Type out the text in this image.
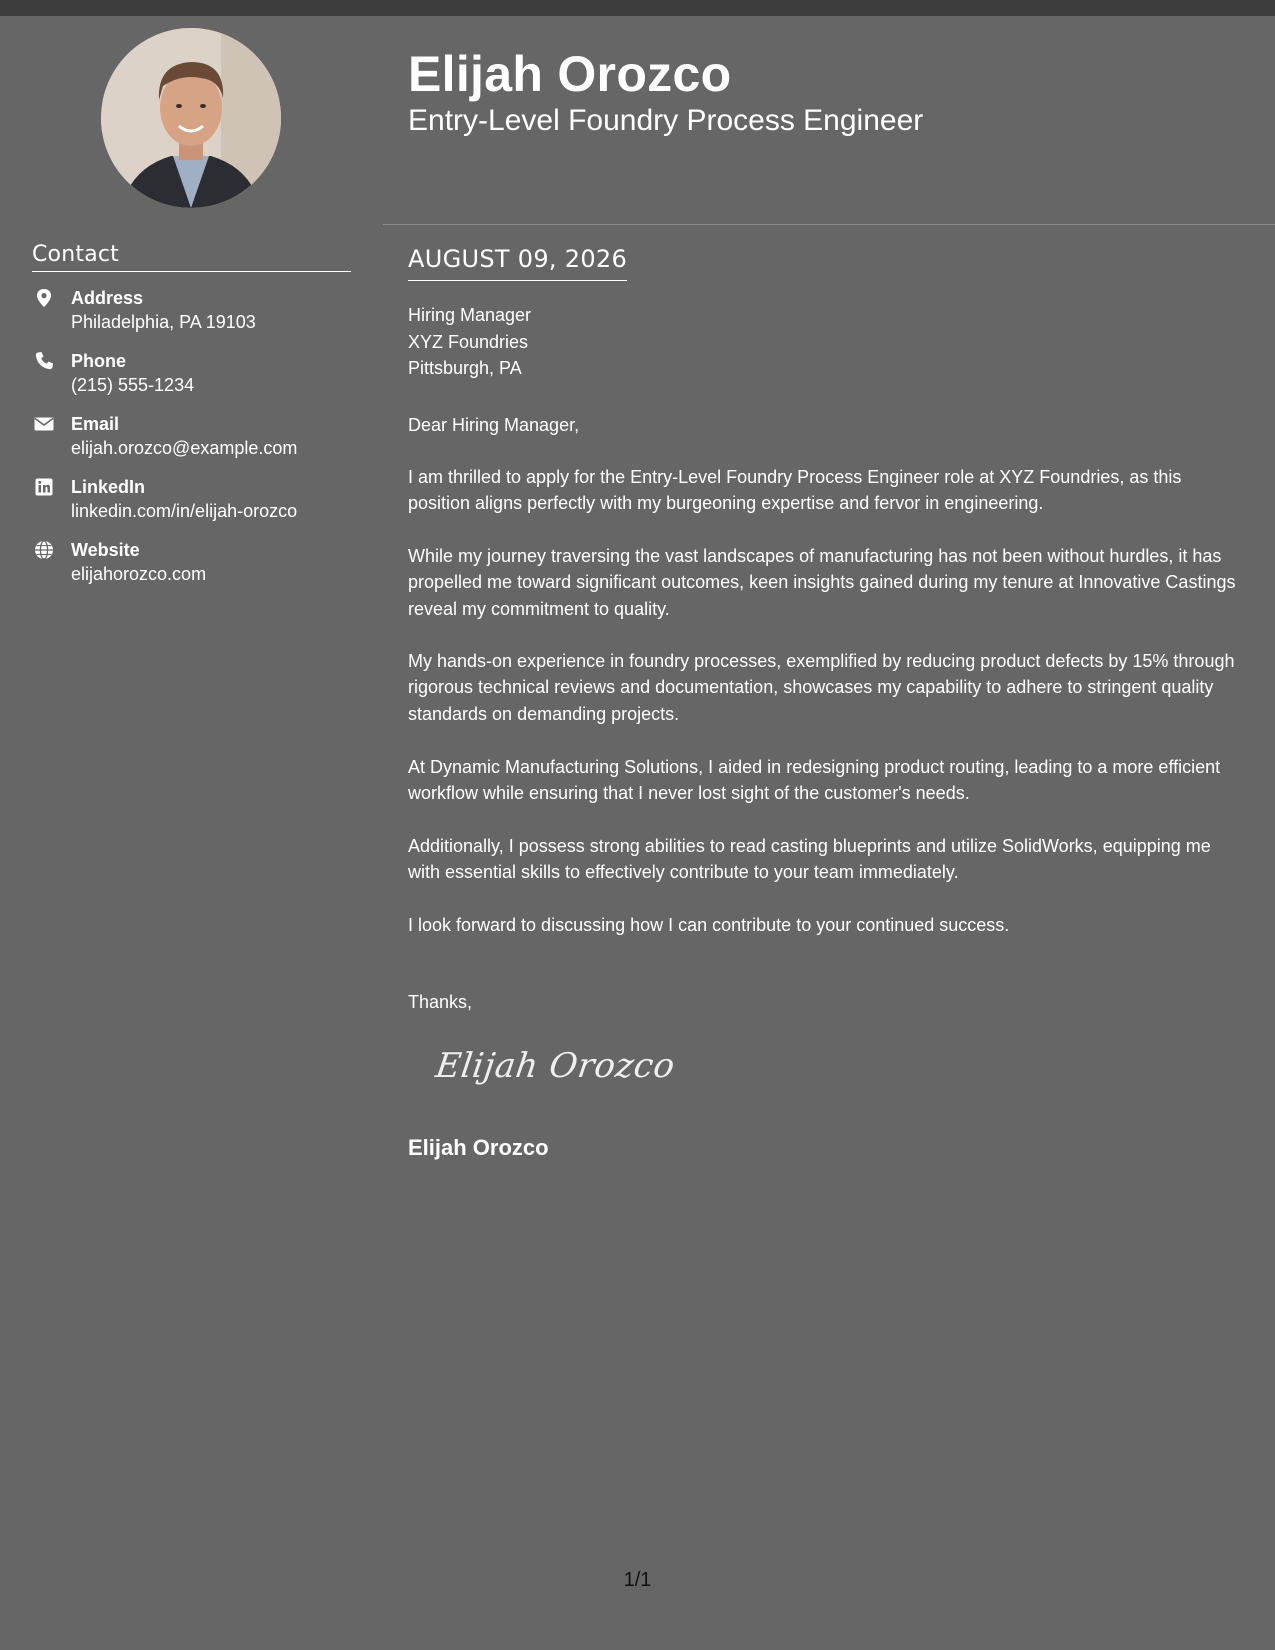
Contact
Address
Philadelphia, PA 19103
Phone
(215) 555-1234
Email
elijah.orozco@example.com
LinkedIn
linkedin.com/in/elijah-orozco
Website
elijahorozco.com
Elijah Orozco
Entry-Level Foundry Process Engineer
AUGUST 09, 2026
Hiring Manager
XYZ Foundries
Pittsburgh, PA

Dear Hiring Manager,

I am thrilled to apply for the Entry-Level Foundry Process Engineer role at XYZ Foundries, as this position aligns perfectly with my burgeoning expertise and fervor in engineering.

While my journey traversing the vast landscapes of manufacturing has not been without hurdles, it has propelled me toward significant outcomes, keen insights gained during my tenure at Innovative Castings reveal my commitment to quality.

My hands-on experience in foundry processes, exemplified by reducing product defects by 15% through rigorous technical reviews and documentation, showcases my capability to adhere to stringent quality standards on demanding projects.

At Dynamic Manufacturing Solutions, I aided in redesigning product routing, leading to a more efficient workflow while ensuring that I never lost sight of the customer's needs.

Additionally, I possess strong abilities to read casting blueprints and utilize SolidWorks, equipping me with essential skills to effectively contribute to your team immediately.

I look forward to discussing how I can contribute to your continued success.

Thanks,

Elijah Orozco
Elijah Orozco
1/1
